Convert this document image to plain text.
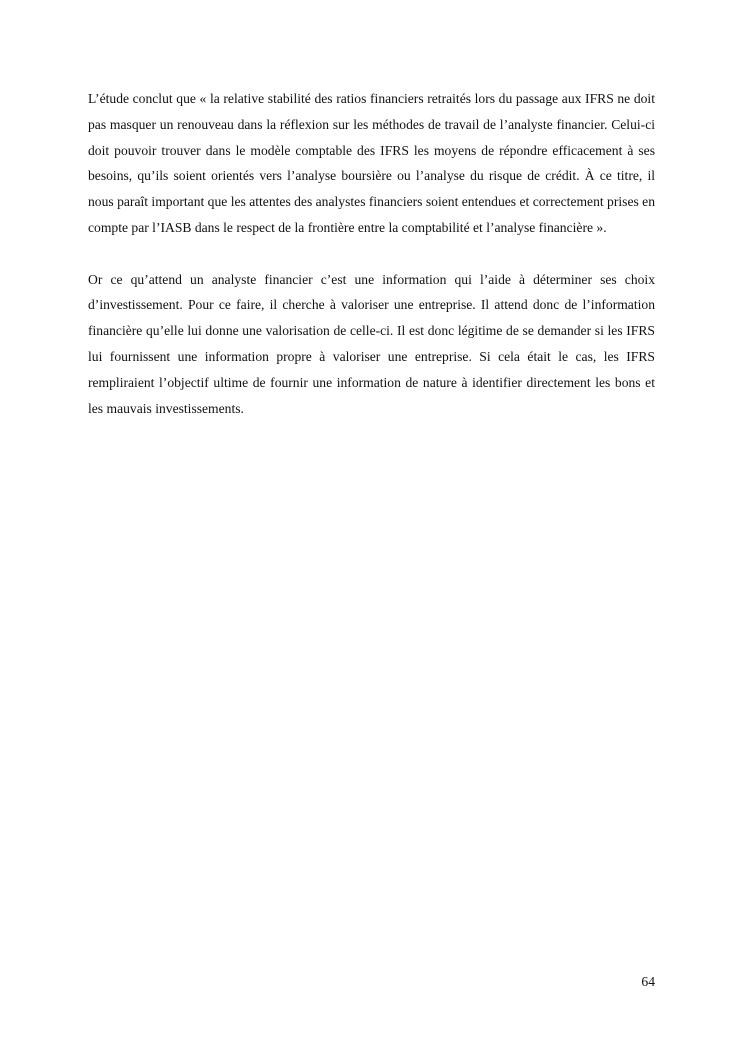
L’étude conclut que « la relative stabilité des ratios financiers retraités lors du passage aux IFRS ne doit pas masquer un renouveau dans la réflexion sur les méthodes de travail de l’analyste financier. Celui-ci doit pouvoir trouver dans le modèle comptable des IFRS les moyens de répondre efficacement à ses besoins, qu’ils soient orientés vers l’analyse boursière ou l’analyse du risque de crédit. À ce titre, il nous paraît important que les attentes des analystes financiers soient entendues et correctement prises en compte par l’IASB dans le respect de la frontière entre la comptabilité et l’analyse financière ».

Or ce qu’attend un analyste financier c’est une information qui l’aide à déterminer ses choix d’investissement. Pour ce faire, il cherche à valoriser une entreprise. Il attend donc de l’information financière qu’elle lui donne une valorisation de celle-ci. Il est donc légitime de se demander si les IFRS lui fournissent une information propre à valoriser une entreprise. Si cela était le cas, les IFRS rempliraient l’objectif ultime de fournir une information de nature à identifier directement les bons et les mauvais investissements.

64
